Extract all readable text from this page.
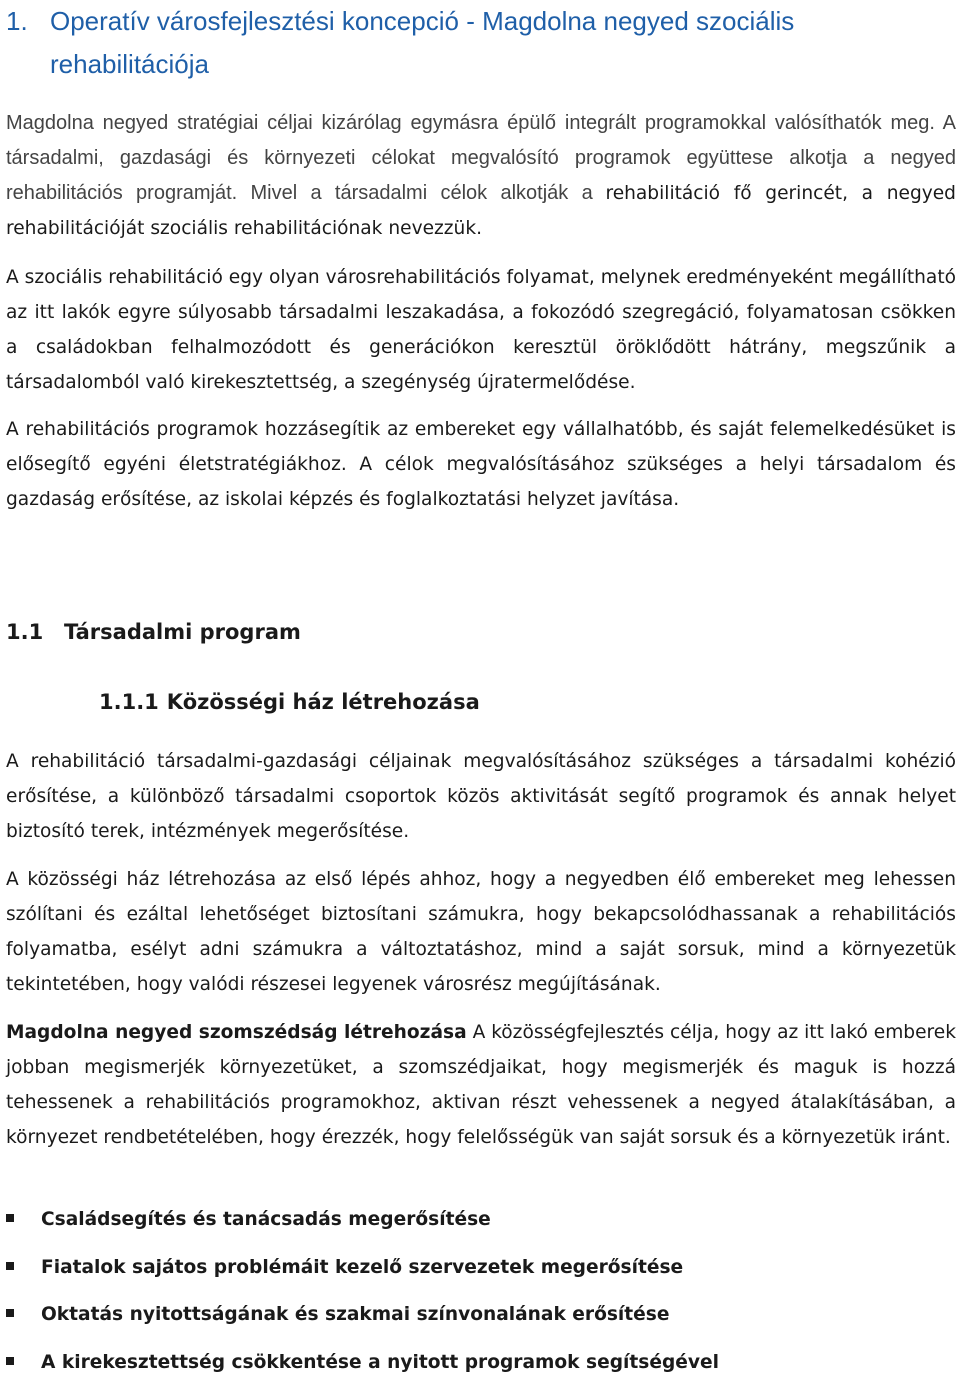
1. Operatív városfejlesztési koncepció - Magdolna negyed szociális
rehabilitációja

Magdolna negyed stratégiai céljai kizárólag egymásra épülő integrált programokkal valósíthatók meg. A társadalmi, gazdasági és környezeti célokat megvalósító programok együttese alkotja a negyed rehabilitációs programját. Mivel a társadalmi célok alkotják a rehabilitáció fő gerincét, a negyed rehabilitációját szociális rehabilitációnak nevezzük.

A szociális rehabilitáció egy olyan városrehabilitációs folyamat, melynek eredményeként megállítható az itt lakók egyre súlyosabb társadalmi leszakadása, a fokozódó szegregáció, folyamatosan csökken a családokban felhalmozódott és generációkon keresztül öröklődött hátrány, megszűnik a társadalomból való kirekesztettség, a szegénység újratermelődése.

A rehabilitációs programok hozzásegítik az embereket egy vállalhatóbb, és saját felemelkedésüket is elősegítő egyéni életstratégiákhoz. A célok megvalósításához szükséges a helyi társadalom és gazdaság erősítése, az iskolai képzés és foglalkoztatási helyzet javítása.

1.1 Társadalmi program
1.1.1 Közösségi ház létrehozása

A rehabilitáció társadalmi-gazdasági céljainak megvalósításához szükséges a társadalmi kohézió erősítése, a különböző társadalmi csoportok közös aktivitását segítő programok és annak helyet biztosító terek, intézmények megerősítése.

A közösségi ház létrehozása az első lépés ahhoz, hogy a negyedben élő embereket meg lehessen szólítani és ezáltal lehetőséget biztosítani számukra, hogy bekapcsolódhassanak a rehabilitációs folyamatba, esélyt adni számukra a változtatáshoz, mind a saját sorsuk, mind a környezetük tekintetében, hogy valódi részesei legyenek városrész megújításának.

Magdolna negyed szomszédság létrehozása A közösségfejlesztés célja, hogy az itt lakó emberek jobban megismerjék környezetüket, a szomszédjaikat, hogy megismerjék és maguk is hozzá tehessenek a rehabilitációs programokhoz, aktivan részt vehessenek a negyed átalakításában, a környezet rendbetételében, hogy érezzék, hogy felelősségük van saját sorsuk és a környezetük iránt.

Családsegítés és tanácsadás megerősítése
Fiatalok sajátos problémáit kezelő szervezetek megerősítése
Oktatás nyitottságának és szakmai színvonalának erősítése
A kirekesztettség csökkentése a nyitott programok segítségével
